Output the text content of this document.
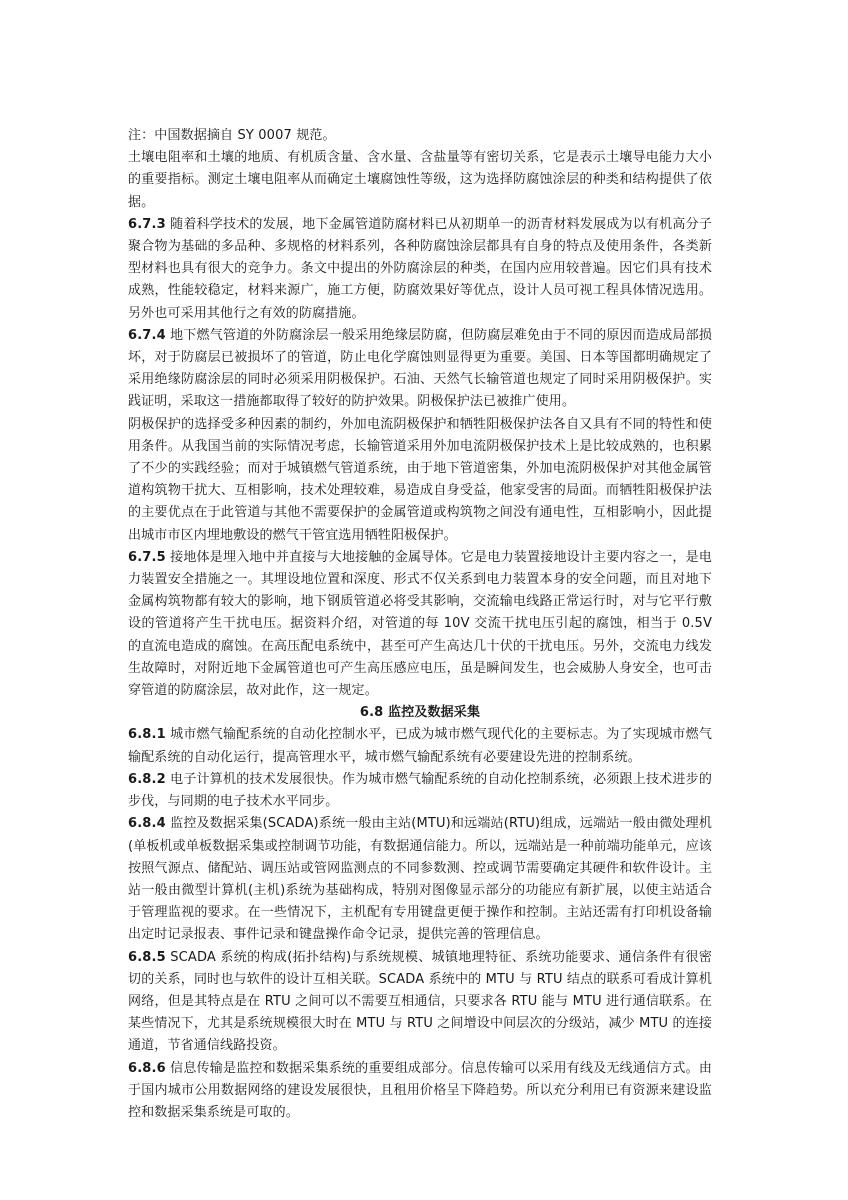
注：中国数据摘自 SY 0007 规范。

土壤电阻率和土壤的地质、有机质含量、含水量、含盐量等有密切关系，它是表示土壤导电能力大小的重要指标。测定土壤电阻率从而确定土壤腐蚀性等级，这为选择防腐蚀涂层的种类和结构提供了依据。

6.7.3 随着科学技术的发展，地下金属管道防腐材料已从初期单一的沥青材料发展成为以有机高分子聚合物为基础的多品种、多规格的材料系列，各种防腐蚀涂层都具有自身的特点及使用条件，各类新型材料也具有很大的竞争力。条文中提出的外防腐涂层的种类，在国内应用较普遍。因它们具有技术成熟，性能较稳定，材料来源广，施工方便，防腐效果好等优点，设计人员可视工程具体情况选用。另外也可采用其他行之有效的防腐措施。

6.7.4 地下燃气管道的外防腐涂层一般采用绝缘层防腐，但防腐层难免由于不同的原因而造成局部损坏，对于防腐层已被损坏了的管道，防止电化学腐蚀则显得更为重要。美国、日本等国都明确规定了采用绝缘防腐涂层的同时必须采用阴极保护。石油、天然气长输管道也规定了同时采用阴极保护。实践证明，采取这一措施都取得了较好的防护效果。阴极保护法已被推广使用。

阴极保护的选择受多种因素的制约，外加电流阴极保护和牺牲阳极保护法各自又具有不同的特性和使用条件。从我国当前的实际情况考虑，长输管道采用外加电流阴极保护技术上是比较成熟的，也积累了不少的实践经验；而对于城镇燃气管道系统，由于地下管道密集，外加电流阴极保护对其他金属管道构筑物干扰大、互相影响，技术处理较难，易造成自身受益，他家受害的局面。而牺牲阳极保护法的主要优点在于此管道与其他不需要保护的金属管道或构筑物之间没有通电性，互相影响小，因此提出城市市区内埋地敷设的燃气干管宜选用牺牲阳极保护。

6.7.5 接地体是埋入地中并直接与大地接触的金属导体。它是电力装置接地设计主要内容之一，是电力装置安全措施之一。其埋设地位置和深度、形式不仅关系到电力装置本身的安全问题，而且对地下金属构筑物都有较大的影响，地下钢质管道必将受其影响，交流输电线路正常运行时，对与它平行敷设的管道将产生干扰电压。据资料介绍，对管道的每 10V 交流干扰电压引起的腐蚀，相当于 0.5V 的直流电造成的腐蚀。在高压配电系统中，甚至可产生高达几十伏的干扰电压。另外，交流电力线发生故障时，对附近地下金属管道也可产生高压感应电压，虽是瞬间发生，也会威胁人身安全，也可击穿管道的防腐涂层，故对此作，这一规定。

6.8 监控及数据采集

6.8.1 城市燃气输配系统的自动化控制水平，已成为城市燃气现代化的主要标志。为了实现城市燃气输配系统的自动化运行，提高管理水平，城市燃气输配系统有必要建设先进的控制系统。

6.8.2 电子计算机的技术发展很快。作为城市燃气输配系统的自动化控制系统，必须跟上技术进步的步伐，与同期的电子技术水平同步。

6.8.4 监控及数据采集(SCADA)系统一般由主站(MTU)和远端站(RTU)组成，远端站一般由微处理机(单板机或单板数据采集或控制调节功能，有数据通信能力。所以，远端站是一种前端功能单元，应该按照气源点、储配站、调压站或管网监测点的不同参数测、控或调节需要确定其硬件和软件设计。主站一般由微型计算机(主机)系统为基础构成，特别对图像显示部分的功能应有新扩展，以使主站适合于管理监视的要求。在一些情况下，主机配有专用键盘更便于操作和控制。主站还需有打印机设备输出定时记录报表、事件记录和键盘操作命令记录，提供完善的管理信息。

6.8.5 SCADA 系统的构成(拓扑结构)与系统规模、城镇地理特征、系统功能要求、通信条件有很密切的关系，同时也与软件的设计互相关联。SCADA 系统中的 MTU 与 RTU 结点的联系可看成计算机网络，但是其特点是在 RTU 之间可以不需要互相通信，只要求各 RTU 能与 MTU 进行通信联系。在某些情况下，尤其是系统规模很大时在 MTU 与 RTU 之间增设中间层次的分级站，减少 MTU 的连接通道，节省通信线路投资。

6.8.6 信息传输是监控和数据采集系统的重要组成部分。信息传输可以采用有线及无线通信方式。由于国内城市公用数据网络的建设发展很快，且租用价格呈下降趋势。所以充分利用已有资源来建设监控和数据采集系统是可取的。
